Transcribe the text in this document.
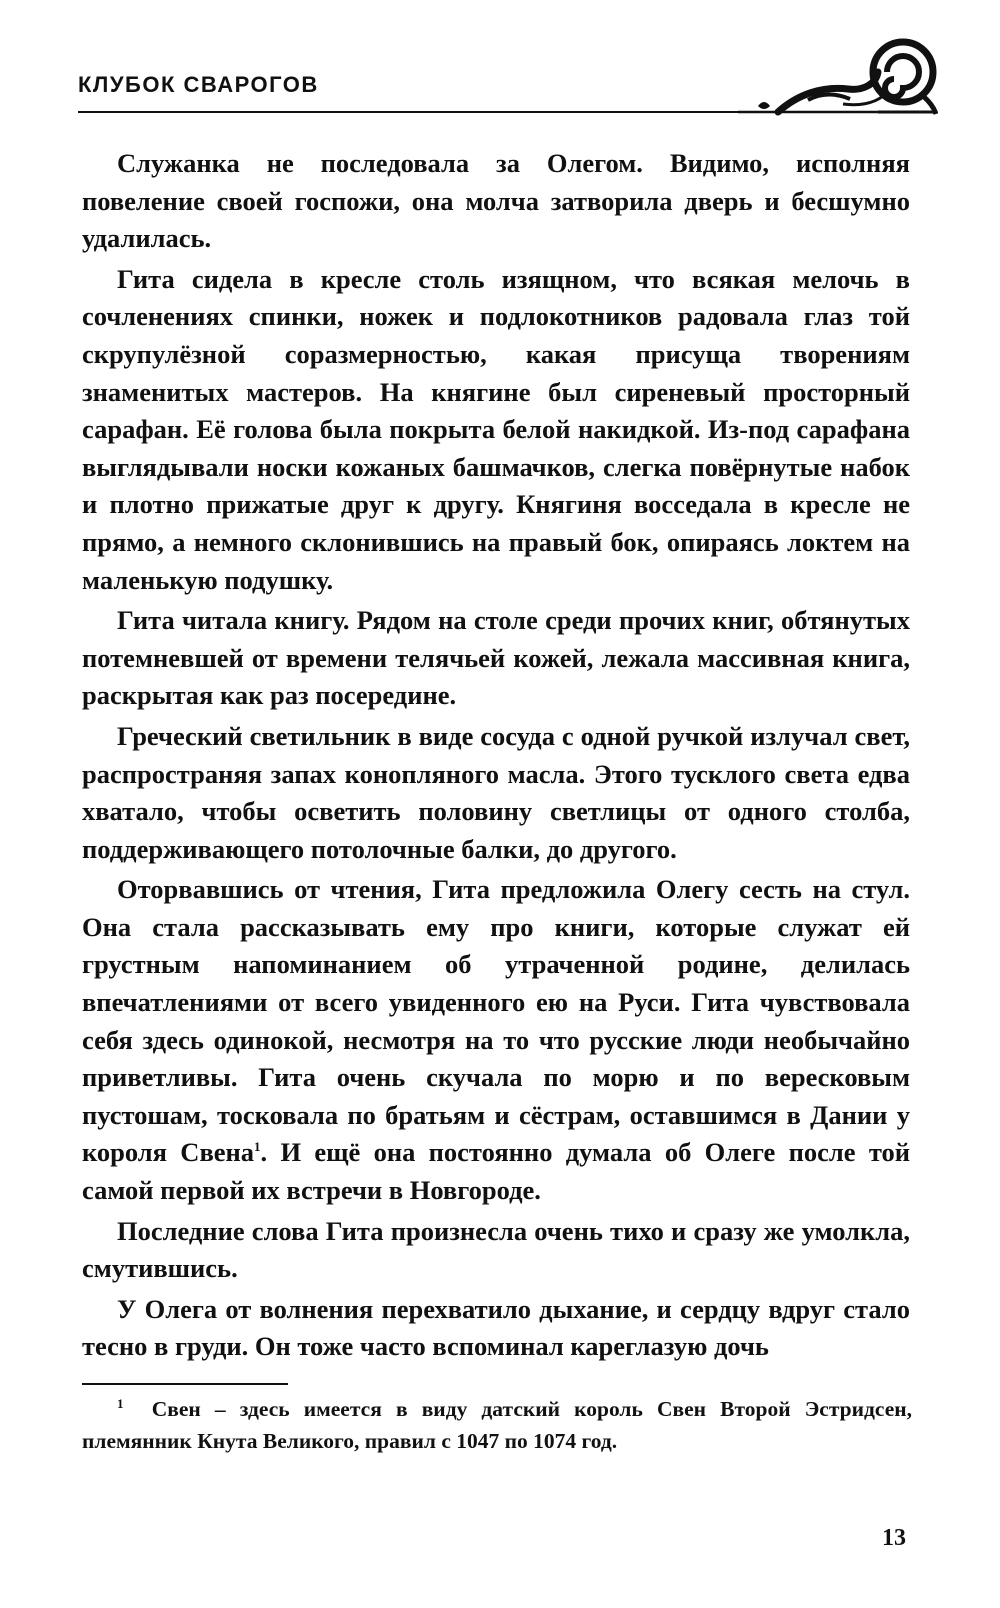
КЛУБОК СВАРОГОВ

Служанка не последовала за Олегом. Видимо, исполняя повеление своей госпожи, она молча затворила дверь и бесшумно удалилась.

Гита сидела в кресле столь изящном, что всякая мелочь в сочленениях спинки, ножек и подлокотников радовала глаз той скрупулёзной соразмерностью, какая присуща творениям знаменитых мастеров. На княгине был сиреневый просторный сарафан. Её голова была покрыта белой накидкой. Из-под сарафана выглядывали носки кожаных башмачков, слегка повёрнутые набок и плотно прижатые друг к другу. Княгиня восседала в кресле не прямо, а немного склонившись на правый бок, опираясь локтем на маленькую подушку.

Гита читала книгу. Рядом на столе среди прочих книг, обтянутых потемневшей от времени телячьей кожей, лежала массивная книга, раскрытая как раз посередине.

Греческий светильник в виде сосуда с одной ручкой излучал свет, распространяя запах конопляного масла. Этого тусклого света едва хватало, чтобы осветить половину светлицы от одного столба, поддерживающего потолочные балки, до другого.

Оторвавшись от чтения, Гита предложила Олегу сесть на стул. Она стала рассказывать ему про книги, которые служат ей грустным напоминанием об утраченной родине, делилась впечатлениями от всего увиденного ею на Руси. Гита чувствовала себя здесь одинокой, несмотря на то что русские люди необычайно приветливы. Гита очень скучала по морю и по вересковым пустошам, тосковала по братьям и сёстрам, оставшимся в Дании у короля Свена$^1$. И ещё она постоянно думала об Олеге после той самой первой их встречи в Новгороде.

Последние слова Гита произнесла очень тихо и сразу же умолкла, смутившись.

У Олега от волнения перехватило дыхание, и сердцу вдруг стало тесно в груди. Он тоже часто вспоминал кареглазую дочь

$^1$ Свен – здесь имеется в виду датский король Свен Второй Эстридсен, племянник Кнута Великого, правил с 1047 по 1074 год.

13
